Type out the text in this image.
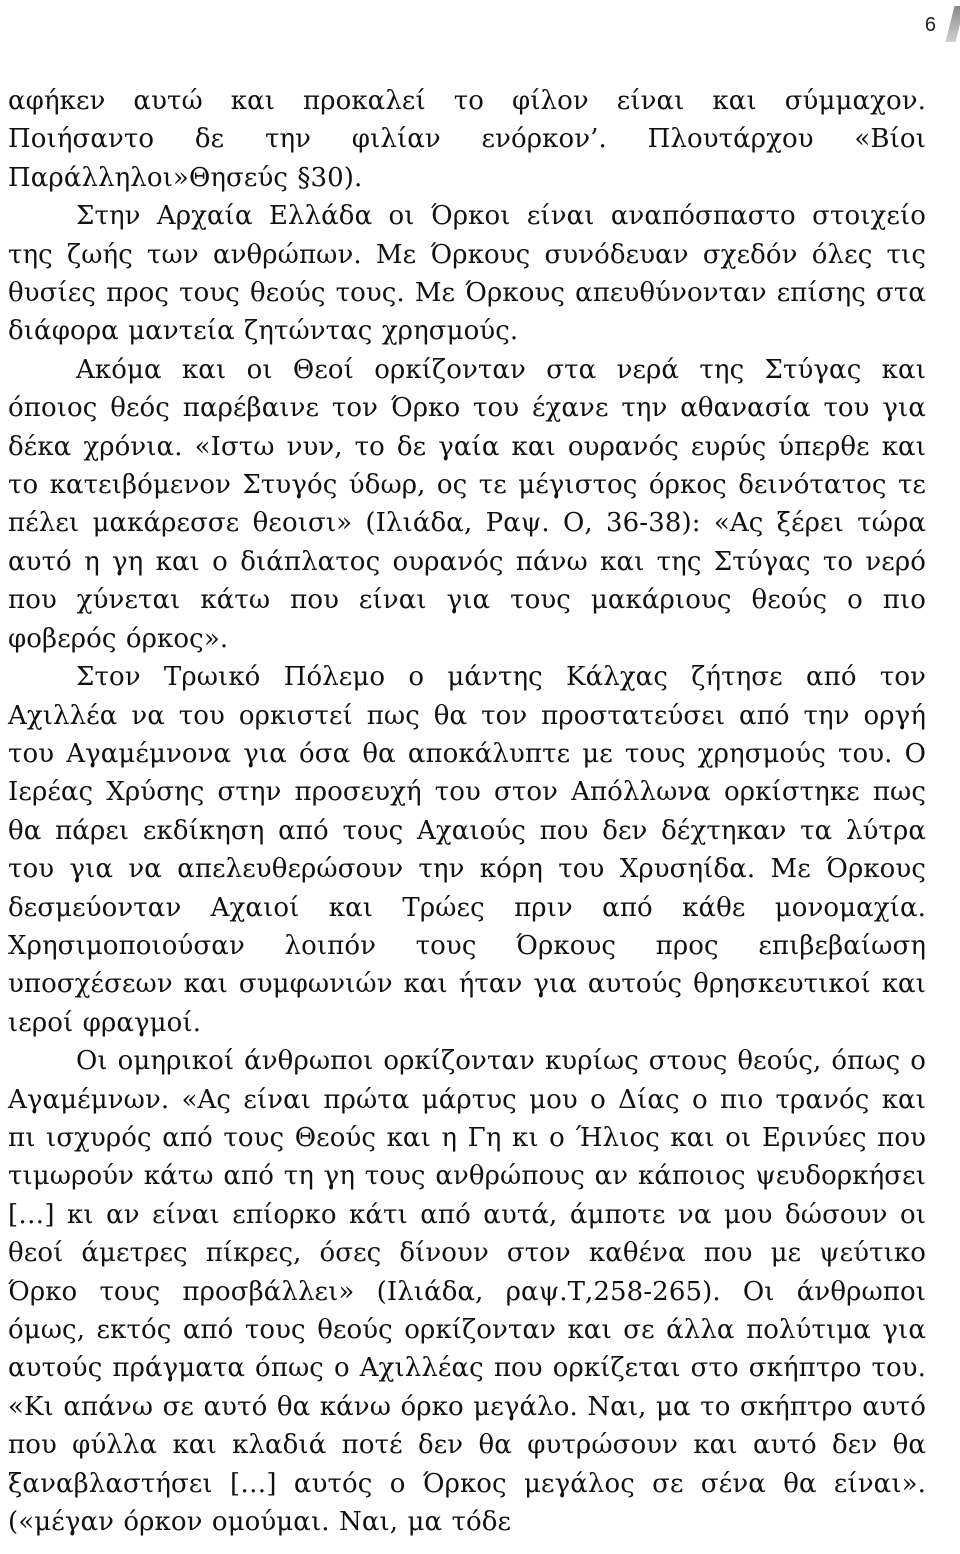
6

αφήκεν αυτώ και προκαλεί το φίλον είναι και σύμμαχον. Ποιήσαντο δε την φιλίαν ενόρκον’. Πλουτάρχου «Βίοι Παράλληλοι»Θησεύς §30).

Στην Αρχαία Ελλάδα οι Όρκοι είναι αναπόσπαστο στοιχείο της ζωής των ανθρώπων. Με Όρκους συνόδευαν σχεδόν όλες τις θυσίες προς τους θεούς τους. Με Όρκους απευθύνονταν επίσης στα διάφορα μαντεία ζητώντας χρησμούς.

Ακόμα και οι Θεοί ορκίζονταν στα νερά της Στύγας και όποιος θεός παρέβαινε τον Όρκο του έχανε την αθανασία του για δέκα χρόνια. «Ιστω νυν, το δε γαία και ουρανός ευρύς ύπερθε και το κατειβόμενον Στυγός ύδωρ, ος τε μέγιστος όρκος δεινότατος τε πέλει μακάρεσσε θεοισι» (Ιλιάδα, Ραψ. Ο, 36-38): «Ας ξέρει τώρα αυτό η γη και ο διάπλατος ουρανός πάνω και της Στύγας το νερό που χύνεται κάτω που είναι για τους μακάριους θεούς ο πιο φοβερός όρκος».

Στον Τρωικό Πόλεμο ο μάντης Κάλχας ζήτησε από τον Αχιλλέα να του ορκιστεί πως θα τον προστατεύσει από την οργή του Αγαμέμνονα για όσα θα αποκάλυπτε με τους χρησμούς του. Ο Ιερέας Χρύσης στην προσευχή του στον Απόλλωνα ορκίστηκε πως θα πάρει εκδίκηση από τους Αχαιούς που δεν δέχτηκαν τα λύτρα του για να απελευθερώσουν την κόρη του Χρυσηίδα. Με Όρκους δεσμεύονταν Αχαιοί και Τρώες πριν από κάθε μονομαχία. Χρησιμοποιούσαν λοιπόν τους Όρκους προς επιβεβαίωση υποσχέσεων και συμφωνιών και ήταν για αυτούς θρησκευτικοί και ιεροί φραγμοί.

Οι ομηρικοί άνθρωποι ορκίζονταν κυρίως στους θεούς, όπως ο Αγαμέμνων. «Ας είναι πρώτα μάρτυς μου ο Δίας ο πιο τρανός και πι ισχυρός από τους Θεούς και η Γη κι ο Ήλιος και οι Ερινύες που τιμωρούν κάτω από τη γη τους ανθρώπους αν κάποιος ψευδορκήσει […] κι αν είναι επίορκο κάτι από αυτά, άμποτε να μου δώσουν οι θεοί άμετρες πίκρες, όσες δίνουν στον καθένα που με ψεύτικο Όρκο τους προσβάλλει» (Ιλιάδα, ραψ.Τ,258-265). Οι άνθρωποι όμως, εκτός από τους θεούς ορκίζονταν και σε άλλα πολύτιμα για αυτούς πράγματα όπως ο Αχιλλέας που ορκίζεται στο σκήπτρο του. «Κι απάνω σε αυτό θα κάνω όρκο μεγάλο. Ναι, μα το σκήπτρο αυτό που φύλλα και κλαδιά ποτέ δεν θα φυτρώσουν και αυτό δεν θα ξαναβλαστήσει […] αυτός ο Όρκος μεγάλος σε σένα θα είναι». («μέγαν όρκον ομούμαι. Ναι, μα τόδε
